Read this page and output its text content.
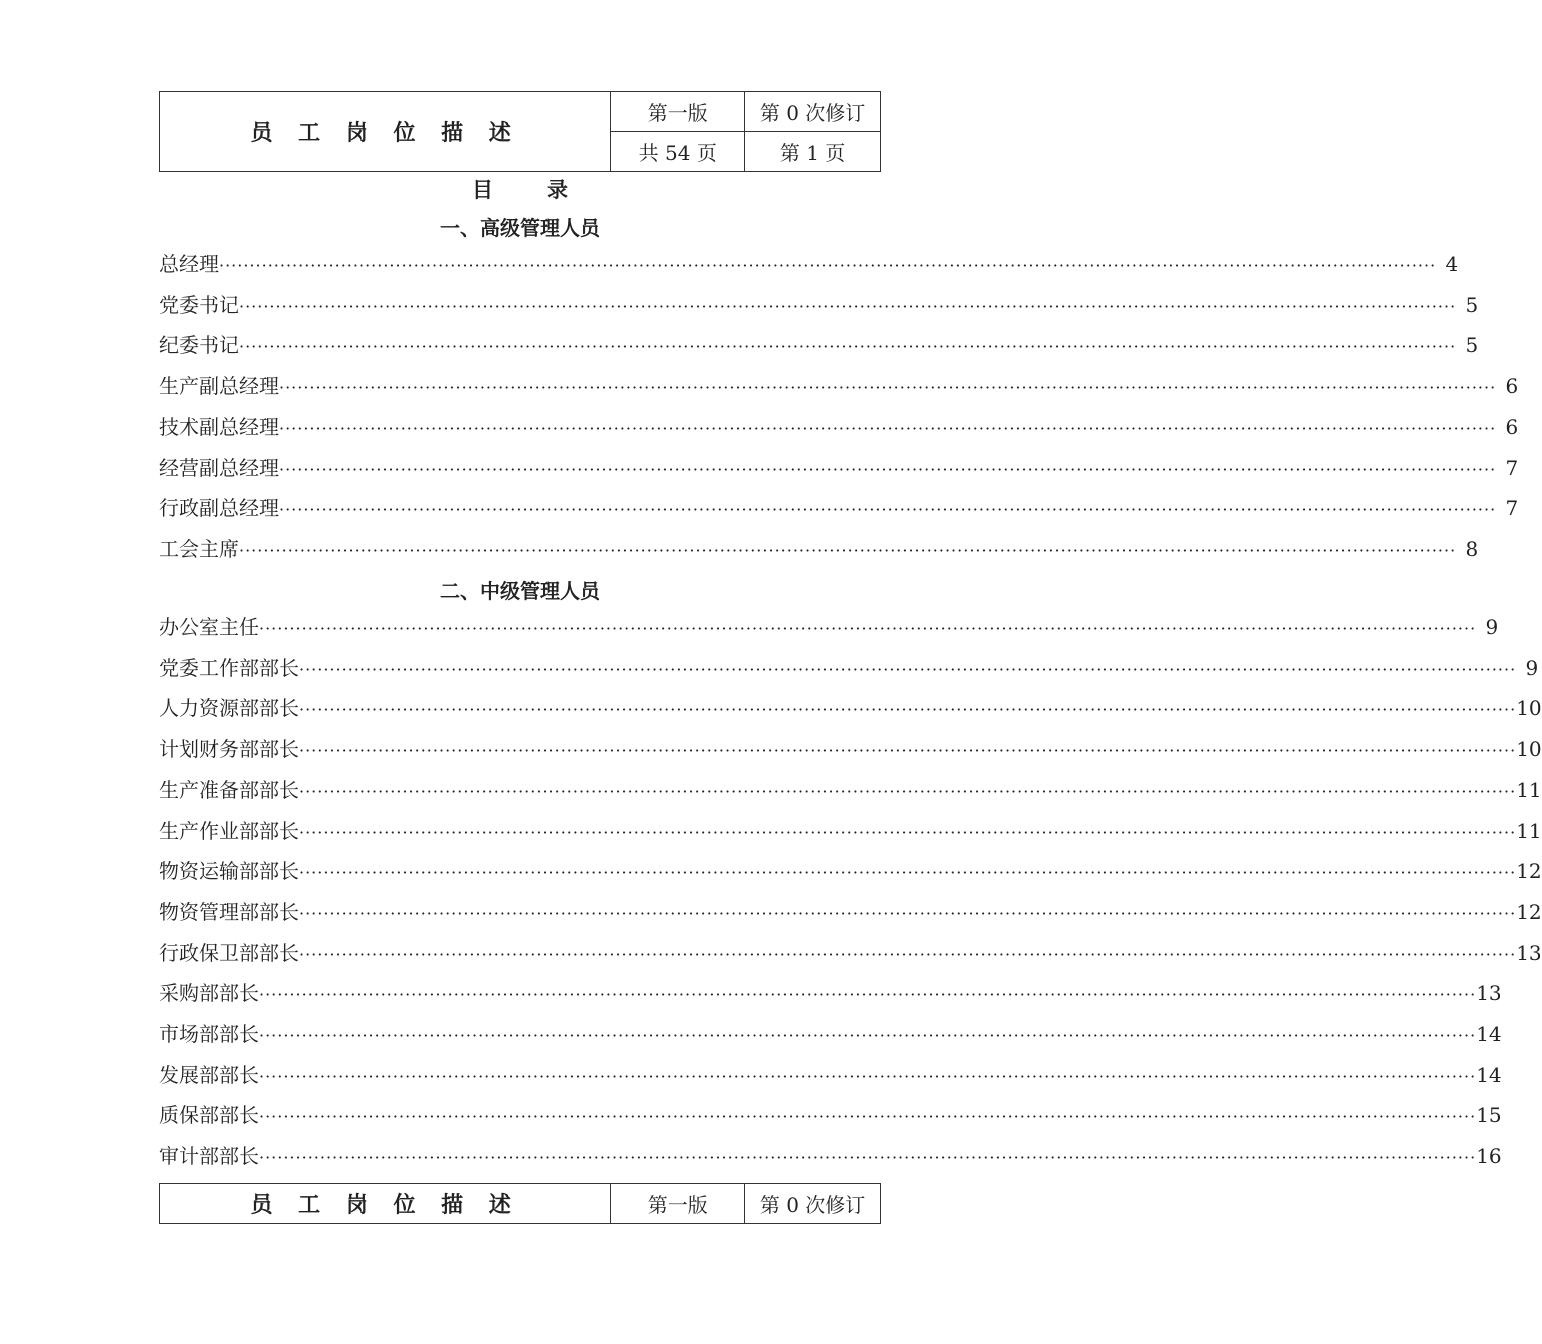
员 工 岗 位 描 述	第一版	第 0 次修订
	共 54 页	第 1 页
目	录
一、高级管理人员
总经理 ········································································································································································································ 4
党委书记 ········································································································································································································ 5
纪委书记 ········································································································································································································ 5
生产副总经理 ········································································································································································································ 6
技术副总经理 ········································································································································································································ 6
经营副总经理 ········································································································································································································ 7
行政副总经理 ········································································································································································································ 7
工会主席 ········································································································································································································ 8
二、中级管理人员
办公室主任 ········································································································································································································ 9
党委工作部部长 ········································································································································································································ 9
人力资源部部长 ········································································································································································································ 10
计划财务部部长 ········································································································································································································ 10
生产准备部部长 ········································································································································································································ 11
生产作业部部长 ········································································································································································································ 11
物资运输部部长 ········································································································································································································ 12
物资管理部部长 ········································································································································································································ 12
行政保卫部部长 ········································································································································································································ 13
采购部部长 ········································································································································································································ 13
市场部部长 ········································································································································································································ 14
发展部部长 ········································································································································································································ 14
质保部部长 ········································································································································································································ 15
审计部部长 ········································································································································································································ 16
员 工 岗 位 描 述	第一版	第 0 次修订
